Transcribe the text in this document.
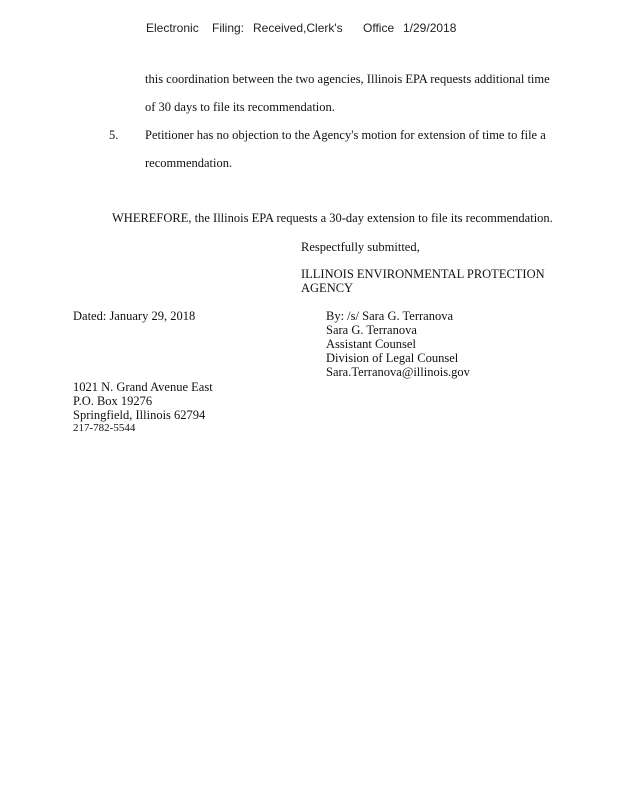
Electronic Filing: Received,Clerk's Office 1/29/2018
this coordination between the two agencies, Illinois EPA requests additional time
of 30 days to file its recommendation.
5. Petitioner has no objection to the Agency's motion for extension of time to file a
recommendation.
WHEREFORE, the Illinois EPA requests a 30-day extension to file its recommendation.
Respectfully submitted,
ILLINOIS ENVIRONMENTAL PROTECTION
AGENCY
Dated: January 29, 2018	By: /s/ Sara G. Terranova
Sara G. Terranova
Assistant Counsel
Division of Legal Counsel
Sara.Terranova@illinois.gov
1021 N. Grand Avenue East
P.O. Box 19276
Springfield, Illinois 62794
217-782-5544
